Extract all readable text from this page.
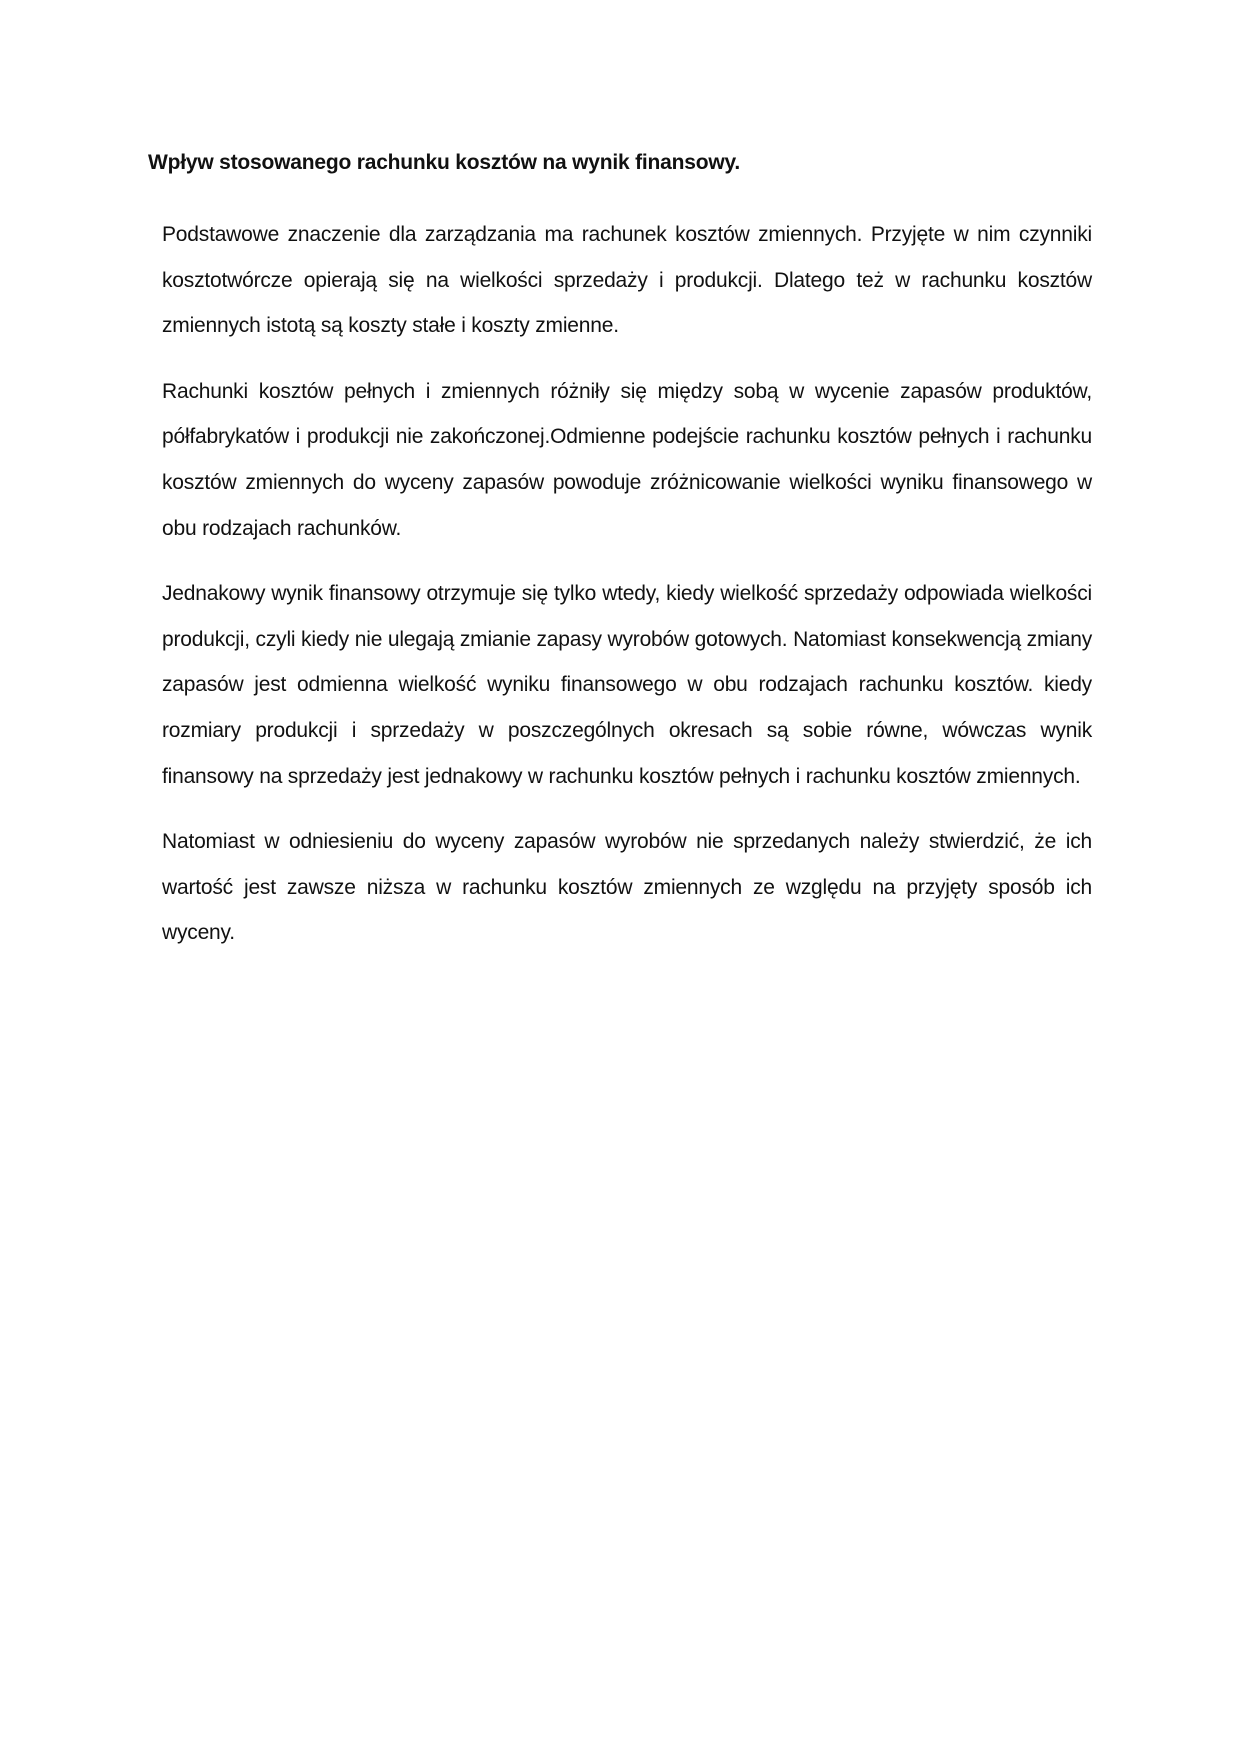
Wpływ stosowanego rachunku kosztów na wynik finansowy.

Podstawowe znaczenie dla zarządzania ma rachunek kosztów zmiennych. Przyjęte w nim czynniki kosztotwórcze opierają się na wielkości sprzedaży i produkcji. Dlatego też w rachunku kosztów zmiennych istotą są koszty stałe i koszty zmienne.

Rachunki kosztów pełnych i zmiennych różniły się między sobą w wycenie zapasów produktów, półfabrykatów i produkcji nie zakończonej.Odmienne podejście rachunku kosztów pełnych i rachunku kosztów zmiennych do wyceny zapasów powoduje zróżnicowanie wielkości wyniku finansowego w obu rodzajach rachunków.

Jednakowy wynik finansowy otrzymuje się tylko wtedy, kiedy wielkość sprzedaży odpowiada wielkości produkcji, czyli kiedy nie ulegają zmianie zapasy wyrobów gotowych. Natomiast konsekwencją zmiany zapasów jest odmienna wielkość wyniku finansowego w obu rodzajach rachunku kosztów. kiedy rozmiary produkcji i sprzedaży w poszczególnych okresach są sobie równe, wówczas wynik finansowy na sprzedaży jest jednakowy w rachunku kosztów pełnych i rachunku kosztów zmiennych.

Natomiast w odniesieniu do wyceny zapasów wyrobów nie sprzedanych należy stwierdzić, że ich wartość jest zawsze niższa w rachunku kosztów zmiennych ze względu na przyjęty sposób ich wyceny.
